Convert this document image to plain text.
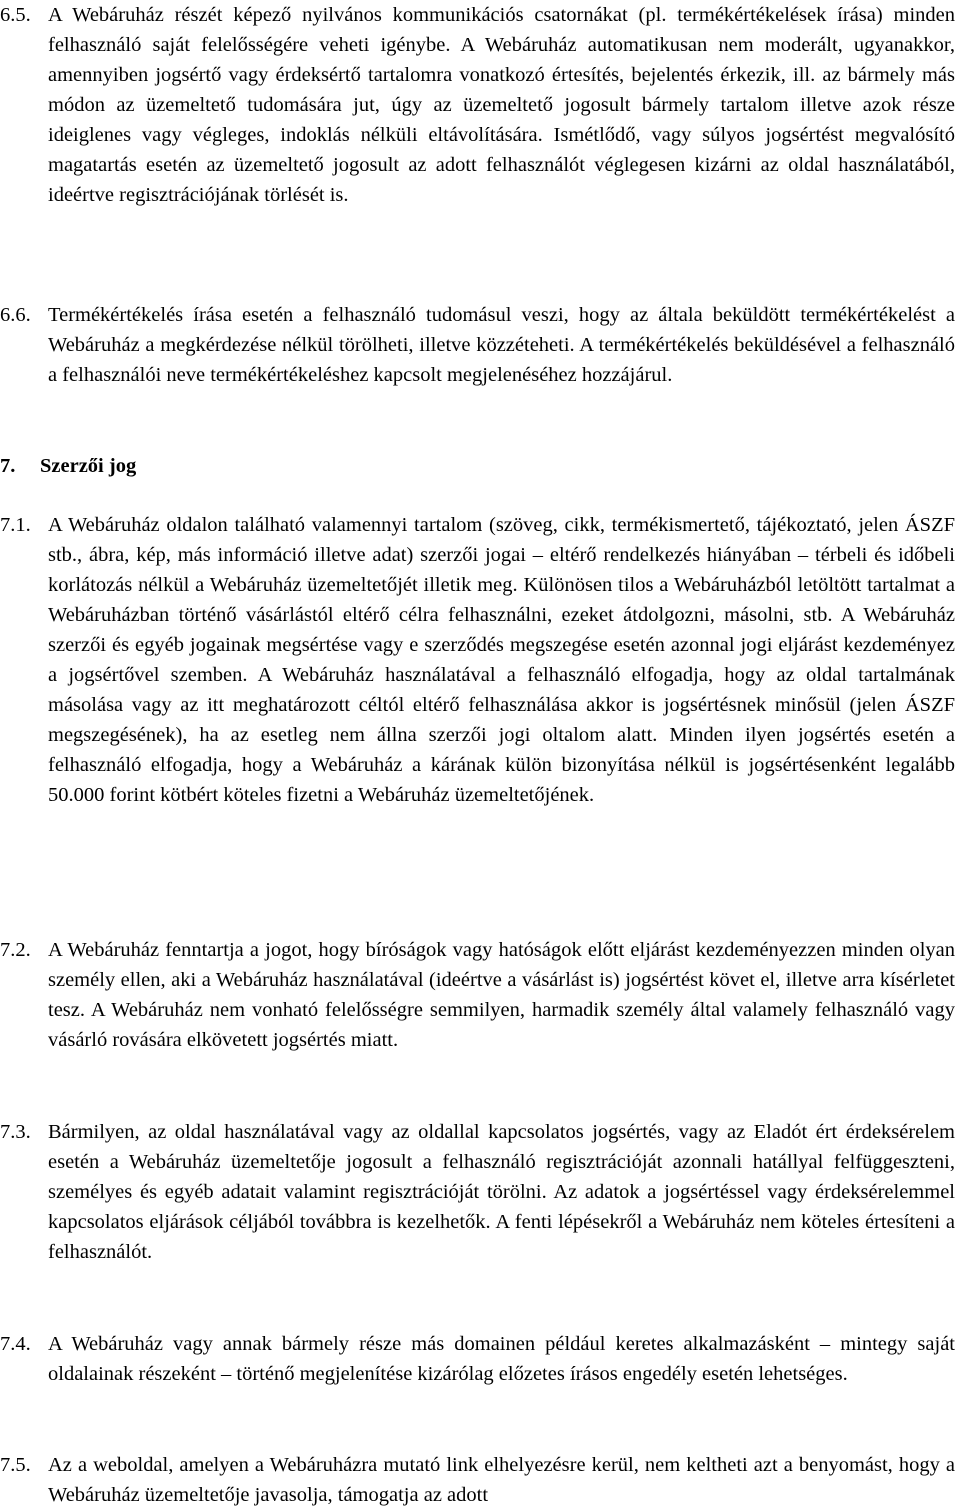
6.5. A Webáruház részét képező nyilvános kommunikációs csatornákat (pl. termékértékelések írása) minden felhasználó saját felelősségére veheti igénybe. A Webáruház automatikusan nem moderált, ugyanakkor, amennyiben jogsértő vagy érdeksértő tartalomra vonatkozó értesítés, bejelentés érkezik, ill. az bármely más módon az üzemeltető tudomására jut, úgy az üzemeltető jogosult bármely tartalom illetve azok része ideiglenes vagy végleges, indoklás nélküli eltávolítására. Ismétlődő, vagy súlyos jogsértést megvalósító magatartás esetén az üzemeltető jogosult az adott felhasználót véglegesen kizárni az oldal használatából, ideértve regisztrációjának törlését is.
6.6. Termékértékelés írása esetén a felhasználó tudomásul veszi, hogy az általa beküldött termékértékelést a Webáruház a megkérdezése nélkül törölheti, illetve közzéteheti. A termékértékelés beküldésével a felhasználó a felhasználói neve termékértékeléshez kapcsolt megjelenéséhez hozzájárul.
7. Szerzői jog
7.1. A Webáruház oldalon található valamennyi tartalom (szöveg, cikk, termékismertető, tájékoztató, jelen ÁSZF stb., ábra, kép, más információ illetve adat) szerzői jogai – eltérő rendelkezés hiányában – térbeli és időbeli korlátozás nélkül a Webáruház üzemeltetőjét illetik meg. Különösen tilos a Webáruházból letöltött tartalmat a Webáruházban történő vásárlástól eltérő célra felhasználni, ezeket átdolgozni, másolni, stb. A Webáruház szerzői és egyéb jogainak megsértése vagy e szerződés megszegése esetén azonnal jogi eljárást kezdeményez a jogsértővel szemben. A Webáruház használatával a felhasználó elfogadja, hogy az oldal tartalmának másolása vagy az itt meghatározott céltól eltérő felhasználása akkor is jogsértésnek minősül (jelen ÁSZF megszegésének), ha az esetleg nem állna szerzői jogi oltalom alatt. Minden ilyen jogsértés esetén a felhasználó elfogadja, hogy a Webáruház a kárának külön bizonyítása nélkül is jogsértésenként legalább 50.000 forint kötbért köteles fizetni a Webáruház üzemeltetőjének.
7.2. A Webáruház fenntartja a jogot, hogy bíróságok vagy hatóságok előtt eljárást kezdeményezzen minden olyan személy ellen, aki a Webáruház használatával (ideértve a vásárlást is) jogsértést követ el, illetve arra kísérletet tesz. A Webáruház nem vonható felelősségre semmilyen, harmadik személy által valamely felhasználó vagy vásárló rovására elkövetett jogsértés miatt.
7.3. Bármilyen, az oldal használatával vagy az oldallal kapcsolatos jogsértés, vagy az Eladót ért érdeksérelem esetén a Webáruház üzemeltetője jogosult a felhasználó regisztrációját azonnali hatállyal felfüggeszteni, személyes és egyéb adatait valamint regisztrációját törölni. Az adatok a jogsértéssel vagy érdeksérelemmel kapcsolatos eljárások céljából továbbra is kezelhetők. A fenti lépésekről a Webáruház nem köteles értesíteni a felhasználót.
7.4. A Webáruház vagy annak bármely része más domainen például keretes alkalmazásként – mintegy saját oldalainak részeként – történő megjelenítése kizárólag előzetes írásos engedély esetén lehetséges.
7.5. Az a weboldal, amelyen a Webáruházra mutató link elhelyezésre kerül, nem keltheti azt a benyomást, hogy a Webáruház üzemeltetője javasolja, támogatja az adott
